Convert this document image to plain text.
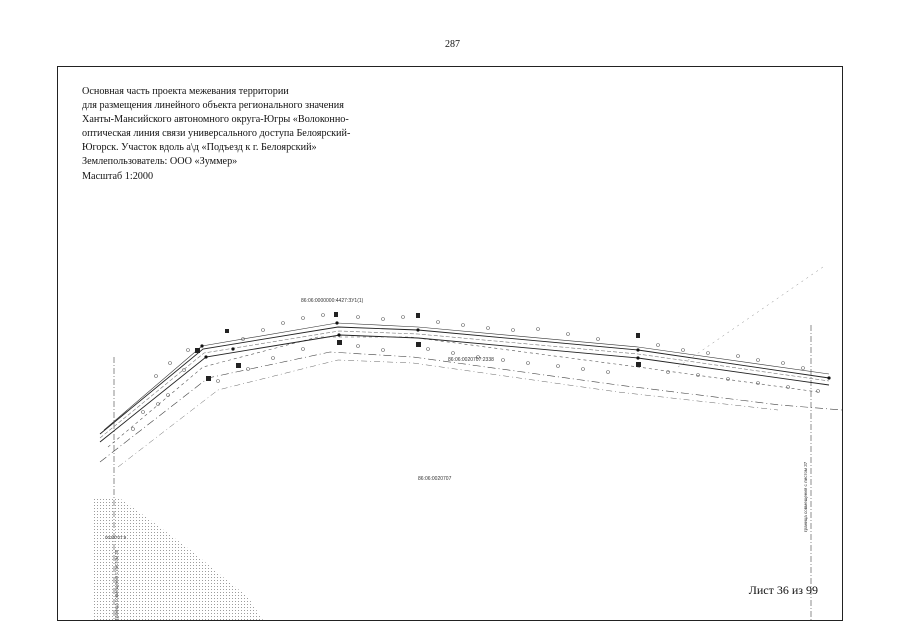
287
Основная часть проекта межевания территории
для размещения линейного объекта регионального значения
Ханты-Мансийского автономного округа-Югры «Волоконно-
оптическая линия связи универсального доступа Белоярский-
Югорск. Участок вдоль а\д «Подъезд к г. Белоярский»
Землепользователь: ООО «Зуммер»
Масштаб 1:2000
граница совмещения с листом 35
граница совмещения с листом 37
86:06:0000000:4427:ЗУ1(1)
86:06:0020707:2338
86:06:0020707
0020707:9
Лист 36 из 99
